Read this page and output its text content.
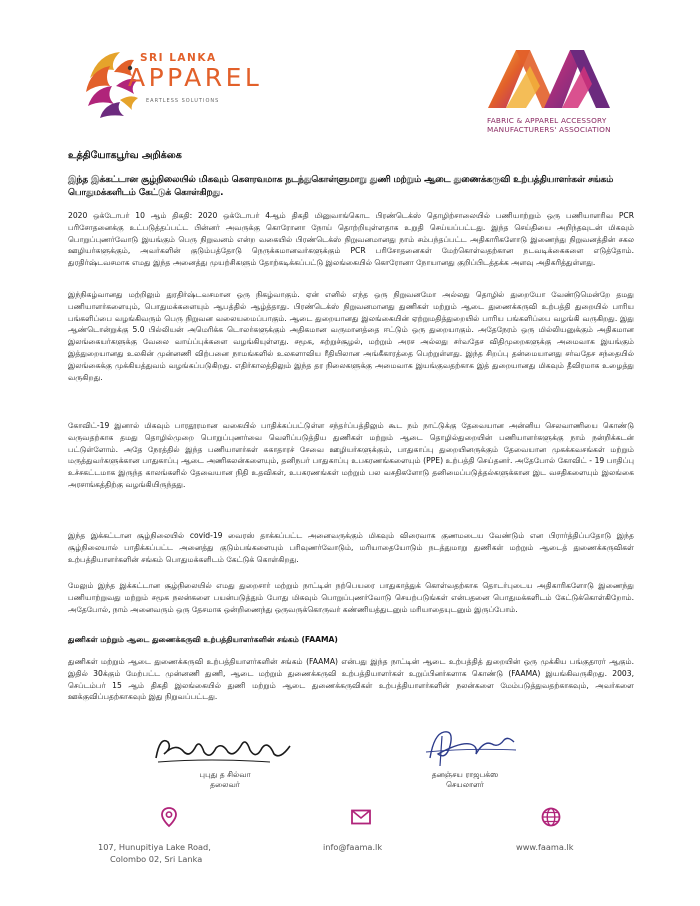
SRI LANKA
APPAREL
EARTLESS SOLUTIONS
FABRIC & APPAREL ACCESSORY
MANUFACTURERS' ASSOCIATION
உத்தியோகபூர்வ அறிக்கை
இந்த இக்கட்டான சூழ்நிலையில் மிகவும் கௌரவமாக நடந்துகொள்ளுமாறு துணி மற்றும் ஆடை துணைக்கருவி உற்பத்தியாளர்கள் சங்கம் பொதுமக்களிடம் கேட்டுக் கொள்கிறது.
2020 ஒக்டோபர் 10 ஆம் திகதி: 2020 ஒக்டோபர் 4ஆம் திகதி மினுவாங்கொட பிரண்டெக்ஸ் தொழிற்சாலையில் பணியாற்றும் ஒரு பணியாளரிவ PCR பரிசோதனைக்கு உட்படுத்தப்பட்ட பின்னர் அவருக்கு கொரோனா நோய் தொற்றியுள்ளதாக உறுதி செய்யப்பட்டது. இந்த செய்தியை அறிந்தவுடன் மிகவும் பொறுப்புணர்வோடு இயங்கும் பெரு நிறுவனம் என்ற வகையில் பிரண்டெக்ஸ் நிறுவனமானது நாம் சம்பந்தப்பட்ட அதிகாரிகளோடு இணைந்து நிறுவனத்தின் சகல ஊழியர்களுக்கும், அவர்களின் குடும்பத்தோடு நெருக்கமானவர்களுக்கும் PCR பரிசோதனைகள் மேற்கொள்வதற்கான நடவடிக்கைகளை எடுத்தோம். துரதிர்ஷ்டவசமாக எமது இந்த அனைத்து முயற்சிகளும் தோற்கடிக்கப்பட்டு இலங்கையில் கொரோனா நோயானது குறிப்பிடத்தக்க அளவு அதிகரித்துள்ளது.
இந்நிகழ்வானது மற்றிலும் துரதிர்ஷ்டவசமான ஒரு நிகழ்வாகும். ஏன் எனில் எந்த ஒரு நிறுவனமோ அல்லது தொழில் துறையோ வேண்டுமென்றே தமது பணியாளர்களையும், பொதுமக்களையும் ஆபத்தில் ஆழ்த்தாது. பிரண்டெக்ஸ் நிறுவனமானது துணிகள் மற்றும் ஆடை துணைக்கருவி உற்பத்தி துறையில் பாரிய பங்களிப்பை வழங்கிவரும் பெரு நிறுவன வலையமைப்பாகும். ஆடை துறையானது இலங்கையின் ஏற்றுமதித்துறையில் பாரிய பங்களிப்பை வழங்கி வருகிறது. இது ஆண்டொன்றுக்கு 5.0 பில்லியன் அமெரிக்க டொலர்களுக்கும் அதிகமான வருமானத்தை ஈட்டும் ஒரு துறையாகும். அதேநேரம் ஒரு மில்லியனுக்கும் அதிகமான இலங்கையர்களுக்கு வேலை வாய்ப்புக்களை வழங்கியுள்ளது. சமூக, சுற்றுச்சூழல், மற்றும் அரச அல்லது சர்வதேச விதிமுறைகளுக்கு அமைவாக இயங்கும் இத்துறையானது உலகின் முன்னணி விற்பனை நாமங்களில் உலகளாவிய ரீதியிலான அங்கீகாரத்தை பெற்றுள்ளது. இந்த சிறப்பு தன்மையானது சர்வதேச சந்தையில் இலங்கைக்கு முக்கியத்துவம் வழங்கப்படுகிறது. எதிர்காலத்திலும் இந்த தர நிலைகளுக்கு அமைவாக இயங்குவதற்காக இத் துறையானது மிகவும் தீவிரமாக உழைத்து வருகிறது.
கோவிட்-19 இனால் மிகவும் பாரதூரமான வகையில் பாதிக்கப்பட்டுள்ள சந்தர்ப்பத்திலும் கூட நம் நாட்டுக்கு தேவையான அன்னிய செலவாணியை கொண்டு வருவதற்காக தமது தொழில்முறை பொறுப்புணர்வை வெளிப்படுத்திய துணிகள் மற்றும் ஆடை தொழில்துறையின் பணியாளர்களுக்கு நாம் நன்றிக்கடன் பட்டுள்ளோம். அதே நேரத்தில் இந்த பணியாளர்கள் சுகாதாரச் சேவை ஊழியர்களுக்கும், பாதுகாப்பு துறையினருக்கும் தேவையான முகக்கவசங்கள் மற்றும் மருத்துவர்களுக்கான பாதுகாப்பு ஆடை அணிகலன்களையும், தனிநபர் பாதுகாப்பு உபகரணங்களையும் (PPE) உற்பத்தி செய்தனர். அதேபோல் கோவிட் - 19 பாதிப்பு உச்சகட்டமாக இருந்த காலங்களில் தேவையான நிதி உதவிகள், உபகரணங்கள் மற்றும் பல வசதிகளோடு தனிமைப்படுத்தல்களுக்கான இட வசதிகளையும் இலங்கை அரசாங்கத்திற்கு வழங்கியிருந்தது.
இந்த இக்கட்டான சூழ்நிலையில் covid-19 வைரஸ் தாக்கப்பட்ட அனைவருக்கும் மிகவும் விரைவாக குணமடைய வேண்டும் என பிரார்த்திப்பதோடு இந்த சூழ்நிலையால் பாதிக்கப்பட்ட அனைத்து குடும்பங்களையும் பரிவுணர்வோடும், மரியாதையோடும் நடத்துமாறு துணிகள் மற்றும் ஆடைத் துணைக்கருவிகள் உற்பத்தியாளர்களின் சங்கம் பொதுமக்களிடம் கேட்டுக் கொள்கிறது.
மேலும் இந்த இக்கட்டான சூழ்நிலையில் எமது துறைசார் மற்றும் நாட்டின் நற்பெயரை பாதுகாத்துக் கொள்வதற்காக தொடர்புடைய அதிகாரிகளோடு இணைந்து பணியாற்றுவது மற்றும் சமூக நலன்களை பயன்படுத்தும் போது மிகவும் பொறுப்புணர்வோடு செயற்படுங்கள் என்பதனை பொதுமக்களிடம் கேட்டுக்கொள்கிறோம். அதேபோல், நாம் அனைவரும் ஒரு தேசமாக ஒன்றிணைந்து ஒருவருக்கொருவர் கண்ணியத்துடனும் மரியாதையுடனும் இருப்போம்.
துணிகள் மற்றும் ஆடை துணைக்கருவி உற்பத்தியாளர்களின் சங்கம் (FAAMA)
துணிகள் மற்றும் ஆடை துணைக்கருவி உற்பத்தியாளர்களின் சங்கம் (FAAMA) என்பது இந்த நாட்டின் ஆடை உற்பத்தித் துறையின் ஒரு முக்கிய பங்குதாரர் ஆகும். இதில் 30க்கும் மேற்பட்ட முன்னணி துணி, ஆடை மற்றும் துணைக்கருவி உற்பத்தியாளர்கள் உறுப்பினர்களாக கொண்டு (FAAMA) இயங்கிவருகிறது. 2003, செப்டம்பர் 15 ஆம் திகதி இலங்கையில் துணி மற்றும் ஆடை துணைக்கருவிகள் உற்பத்தியாளர்களின் நலன்களை மேம்படுத்துவதற்காகவும், அவர்களை ஊக்குவிப்பதற்காகவும் இது நிறுவப்பட்டது.
புபுது த சில்வா
தலைவர்
தனஞ்சய ராஜபக்ஸ
செயலாளர்
107, Hunupitiya Lake Road,
Colombo 02, Sri Lanka
info@faama.lk	www.faama.lk
